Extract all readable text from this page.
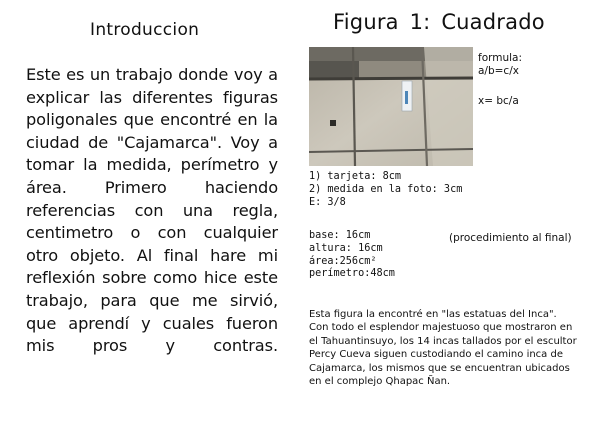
Introduccion
Este es un trabajo donde voy a explicar las diferentes figuras poligonales que encontré en la ciudad de "Cajamarca". Voy a tomar la medida, perímetro y área. Primero haciendo referencias con una regla, centimetro o con cualquier otro objeto. Al final hare mi reflexión sobre como hice este trabajo, para que me sirvió, que aprendí y cuales fueron mis pros y contras.
Figura 1: Cuadrado
formula:
a/b=c/x
x= bc/a
1) tarjeta: 8cm
2) medida en la foto: 3cm
E: 3/8
base: 16cm
altura: 16cm
área:256cm²
perímetro:48cm
(procedimiento al final)
Esta figura la encontré en "las estatuas del Inca". Con todo el esplendor majestuoso que mostraron en el Tahuantinsuyo, los 14 incas tallados por el escultor Percy Cueva siguen custodiando el camino inca de Cajamarca, los mismos que se encuentran ubicados en el complejo Qhapac Ñan.
